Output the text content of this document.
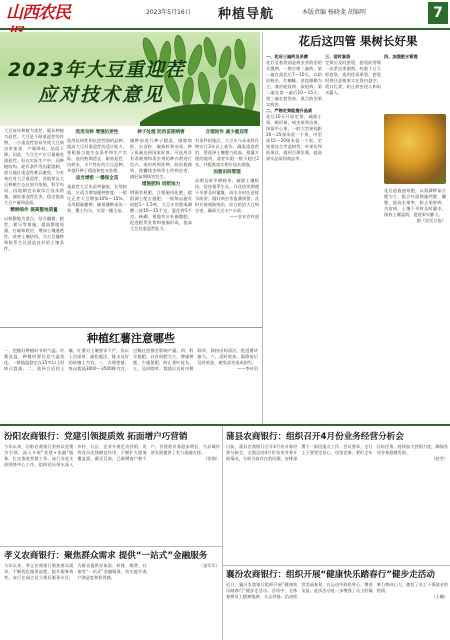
山西农民	2023年5月16日	种植导航	本版责编 杨晓斐 胡锦明	7
2023年大豆重迎茬
应对技术意见

大豆连年种植为重茬，隔年种植为迎茬。大豆是不耐重迎茬的作物，一旦重迎茬容易导致大豆病虫害加重、产量降低、品质下降。因此，大豆生产应尽量避免重迎茬。但在实际生产中，因种植结构、轮作条件等因素限制，部分地区重迎茬难以避免。为有效应对大豆重迎茬，各地要以大豆种植生态区划为依据，科学布局，因地制宜采取综合技术措施，减轻重迎茬危害，稳定提高大豆产量和品质。

精耕细作 提高整地质量

以秋整地为重点，结合翻耕、耙茬、耢压等措施，提高整地质量，打破犁底层，增加土壤通透性，改善土壤结构，为大豆播种和根系生长创造良好的土壤条件。

选用良种 增强抗逆性

选用抗病性和抗逆性强的品种，提高大豆对重迎茬的适应能力。要根据当地生态条件和生产实际，选用熟期适宜、耐重迎茬、抗病虫、丰产性好的大豆品种，并做好种子精选和包衣处理。

适当增密 一播保全苗

重迎茬大豆出苗率偏低、长势较弱，应适当增加播种密度，一般比正茬大豆增加10%～15%。采用精量播种，确保播种深浅一致、覆土均匀，实现一播全苗。

种子处理 防治苗期病害

播种前进行种子精选，剔除病粒、虫食粒、破损粒和杂质，种子质量达到国家标准。可选用含有杀菌剂和杀虫剂的种衣剂进行包衣，或用药剂拌种，防治根腐病、孢囊线虫病等土传病虫害，减轻苗期病害发生。

增施肥料 培肥地力

增施有机肥，合理施用化肥，提倡测土配方施肥。一般每亩施有机肥1～1.5吨，大豆专用肥或磷酸二铵10～15千克，氯化钾5千克。缺硼、钼地块应补施微肥，促进根系发育和根瘤形成，提高大豆抗重迎茬能力。

合理轮作 减少重迎茬

有条件的地区，大豆应与禾本科作物实行3年以上轮作。确需重迎茬的，要选择土壤肥力较高、排灌方便的地块，重茬年限一般不超过2年，并配套落实相应技术措施。

加强田间管理

苗期及时中耕除草，破除土壤板结，促进根系生长。开花结荚期遇干旱要及时灌溉，雨水多时注意排水防涝。做好病虫害监测预警，及时开展统防统治，综合防治大豆病虫害，确保大豆丰产丰收。

——农业农村部

花后这四管 果树长好果

一、花后三遍药及杀菌

花后至套袋前是病虫害防治的关键期，一般应喷三遍药。第一遍在落花后7～10天，以防治蚜虫、红蜘蛛、金纹细蛾为主，兼治轮纹病、炭疽病；第二遍在第一遍后10～15天；第三遍在套袋前，重点防治果实病害。

二、严格定果能提升品质

花后10天开始定果，疏除小果、畸形果、病虫果和边果，保留中心果。一般大型果间距20～25厘米留一个果，中型果15～20厘米留一个果。定果要综合考虑树势、叶果比和枝果比，做到合理负载，提高果实品质和商品率。

三、适时套袋

定果后及时套袋，套袋前要喷一次杀虫杀菌剂，药液干后立即套袋。选用优质果袋，套袋时要注意使果实在袋内悬空，袋口扎紧，防止病虫侵入和雨水灌入。

四、加强肥水管理

花后追施速效肥，以氮磷钾复合肥为主，配合叶面喷施钙肥、硼肥，提高坐果率，防止缩果病、苦痘病。土壤干旱时及时灌水，保持土壤湿润，促进果实膨大。

据《农民日报》

种植红薯注意哪些

一、把握好种植时节的气温。红薯喜温，种植时要注意气温变化。一般地温稳定在15℃以上时即可栽插。二、选择合适的土壤。红薯对土壤要求不严，但以土层深厚、疏松肥沃、排水良好的砂壤土为宜。三、合理密植。每亩栽插3000～3500株为宜，过稀过密都会影响产量。四、科学施肥。以有机肥为主，增施钾肥，少施氮肥，防止茎叶徒长。五、及时除草。栽插后及时中耕除草，保持田间清洁，促进薯块膨大。六、适时收获。霜降前后及时收获，避免冻害造成损失。

——李诗羽

汾阳农商银行：党建引领提质效 拓面增户巧营销

今年以来，汾阳农商银行坚持以党建为引领，深入开展“党建+金融”服务，扎实推进营销工作。该行各党支部围绕中心工作，组织党员带头深入乡村、社区、企业开展走访营销，发挥党员先锋模范作用，不断扩大服务覆盖面。截至目前，已新增客户数千户，存贷款业务稳步增长，为县域经济发展提供了有力金融支持。

（张锦）

孝义农商银行：聚焦群众需求 提供“一站式”金融服务

今年以来，孝义农商银行聚焦群众需求，不断优化服务流程，提升服务效率。该行在网点设立便民服务专区，为群众提供存取款、转账、缴费、社保等“一站式”金融服务，切实提升客户满意度和获得感。

（苗军军）

蒲县农商银行：组织召开4月份业务经营分析会

日前，蒲县农商银行召开4月份业务经营分析会，全面总结4月份各项业务开展情况，分析当前存在的问题，安排部署下一阶段重点工作。会议要求，全行上下要坚定信心、攻坚克难，紧盯全年目标任务，持续加大营销力度，确保各项业务稳健发展。

（赵雪）

襄汾农商银行：组织开展“健康快乐踏春行”健步走活动

近日，襄汾农商银行组织开展“健康快乐踏春行”健步走活动。活动中，全体参赛员工精神饱满、斗志昂扬，沿途欣赏美丽春景，在运动中放松身心、增进友谊。此次活动进一步增强了员工的凝聚力和向心力，激发了员工干事创业的热情。

（王璐）
